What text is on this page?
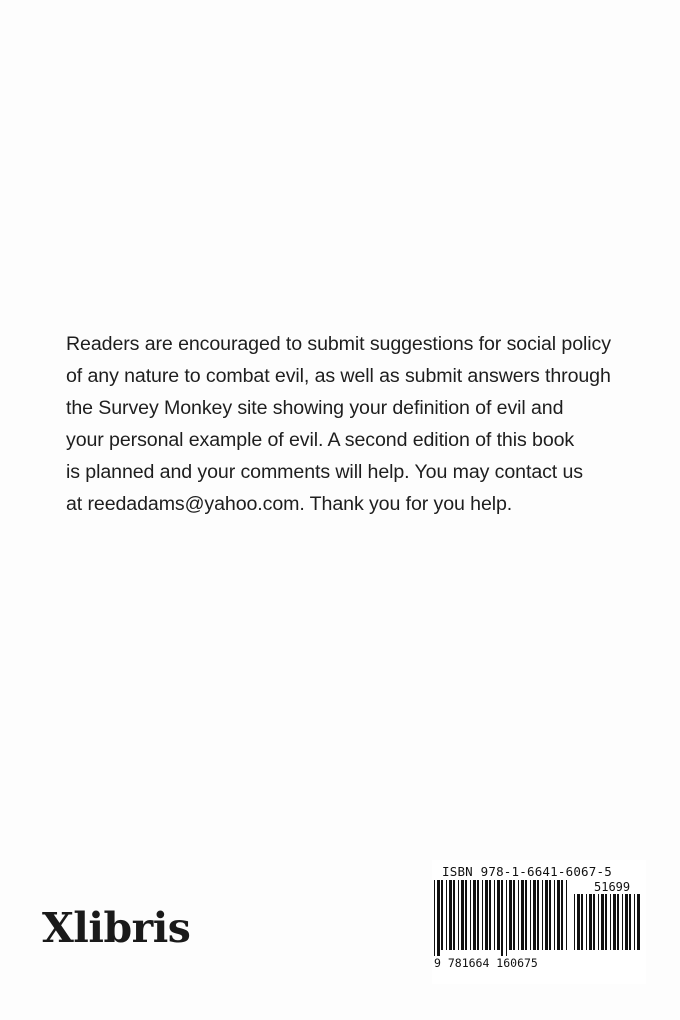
Readers are encouraged to submit suggestions for social policy
of any nature to combat evil, as well as submit answers through
the Survey Monkey site showing your definition of evil and
your personal example of evil. A second edition of this book
is planned and your comments will help. You may contact us
at reedadams@yahoo.com. Thank you for you help.

Xlibris
ISBN 978-1-6641-6067-5
51699
9 781664 160675
